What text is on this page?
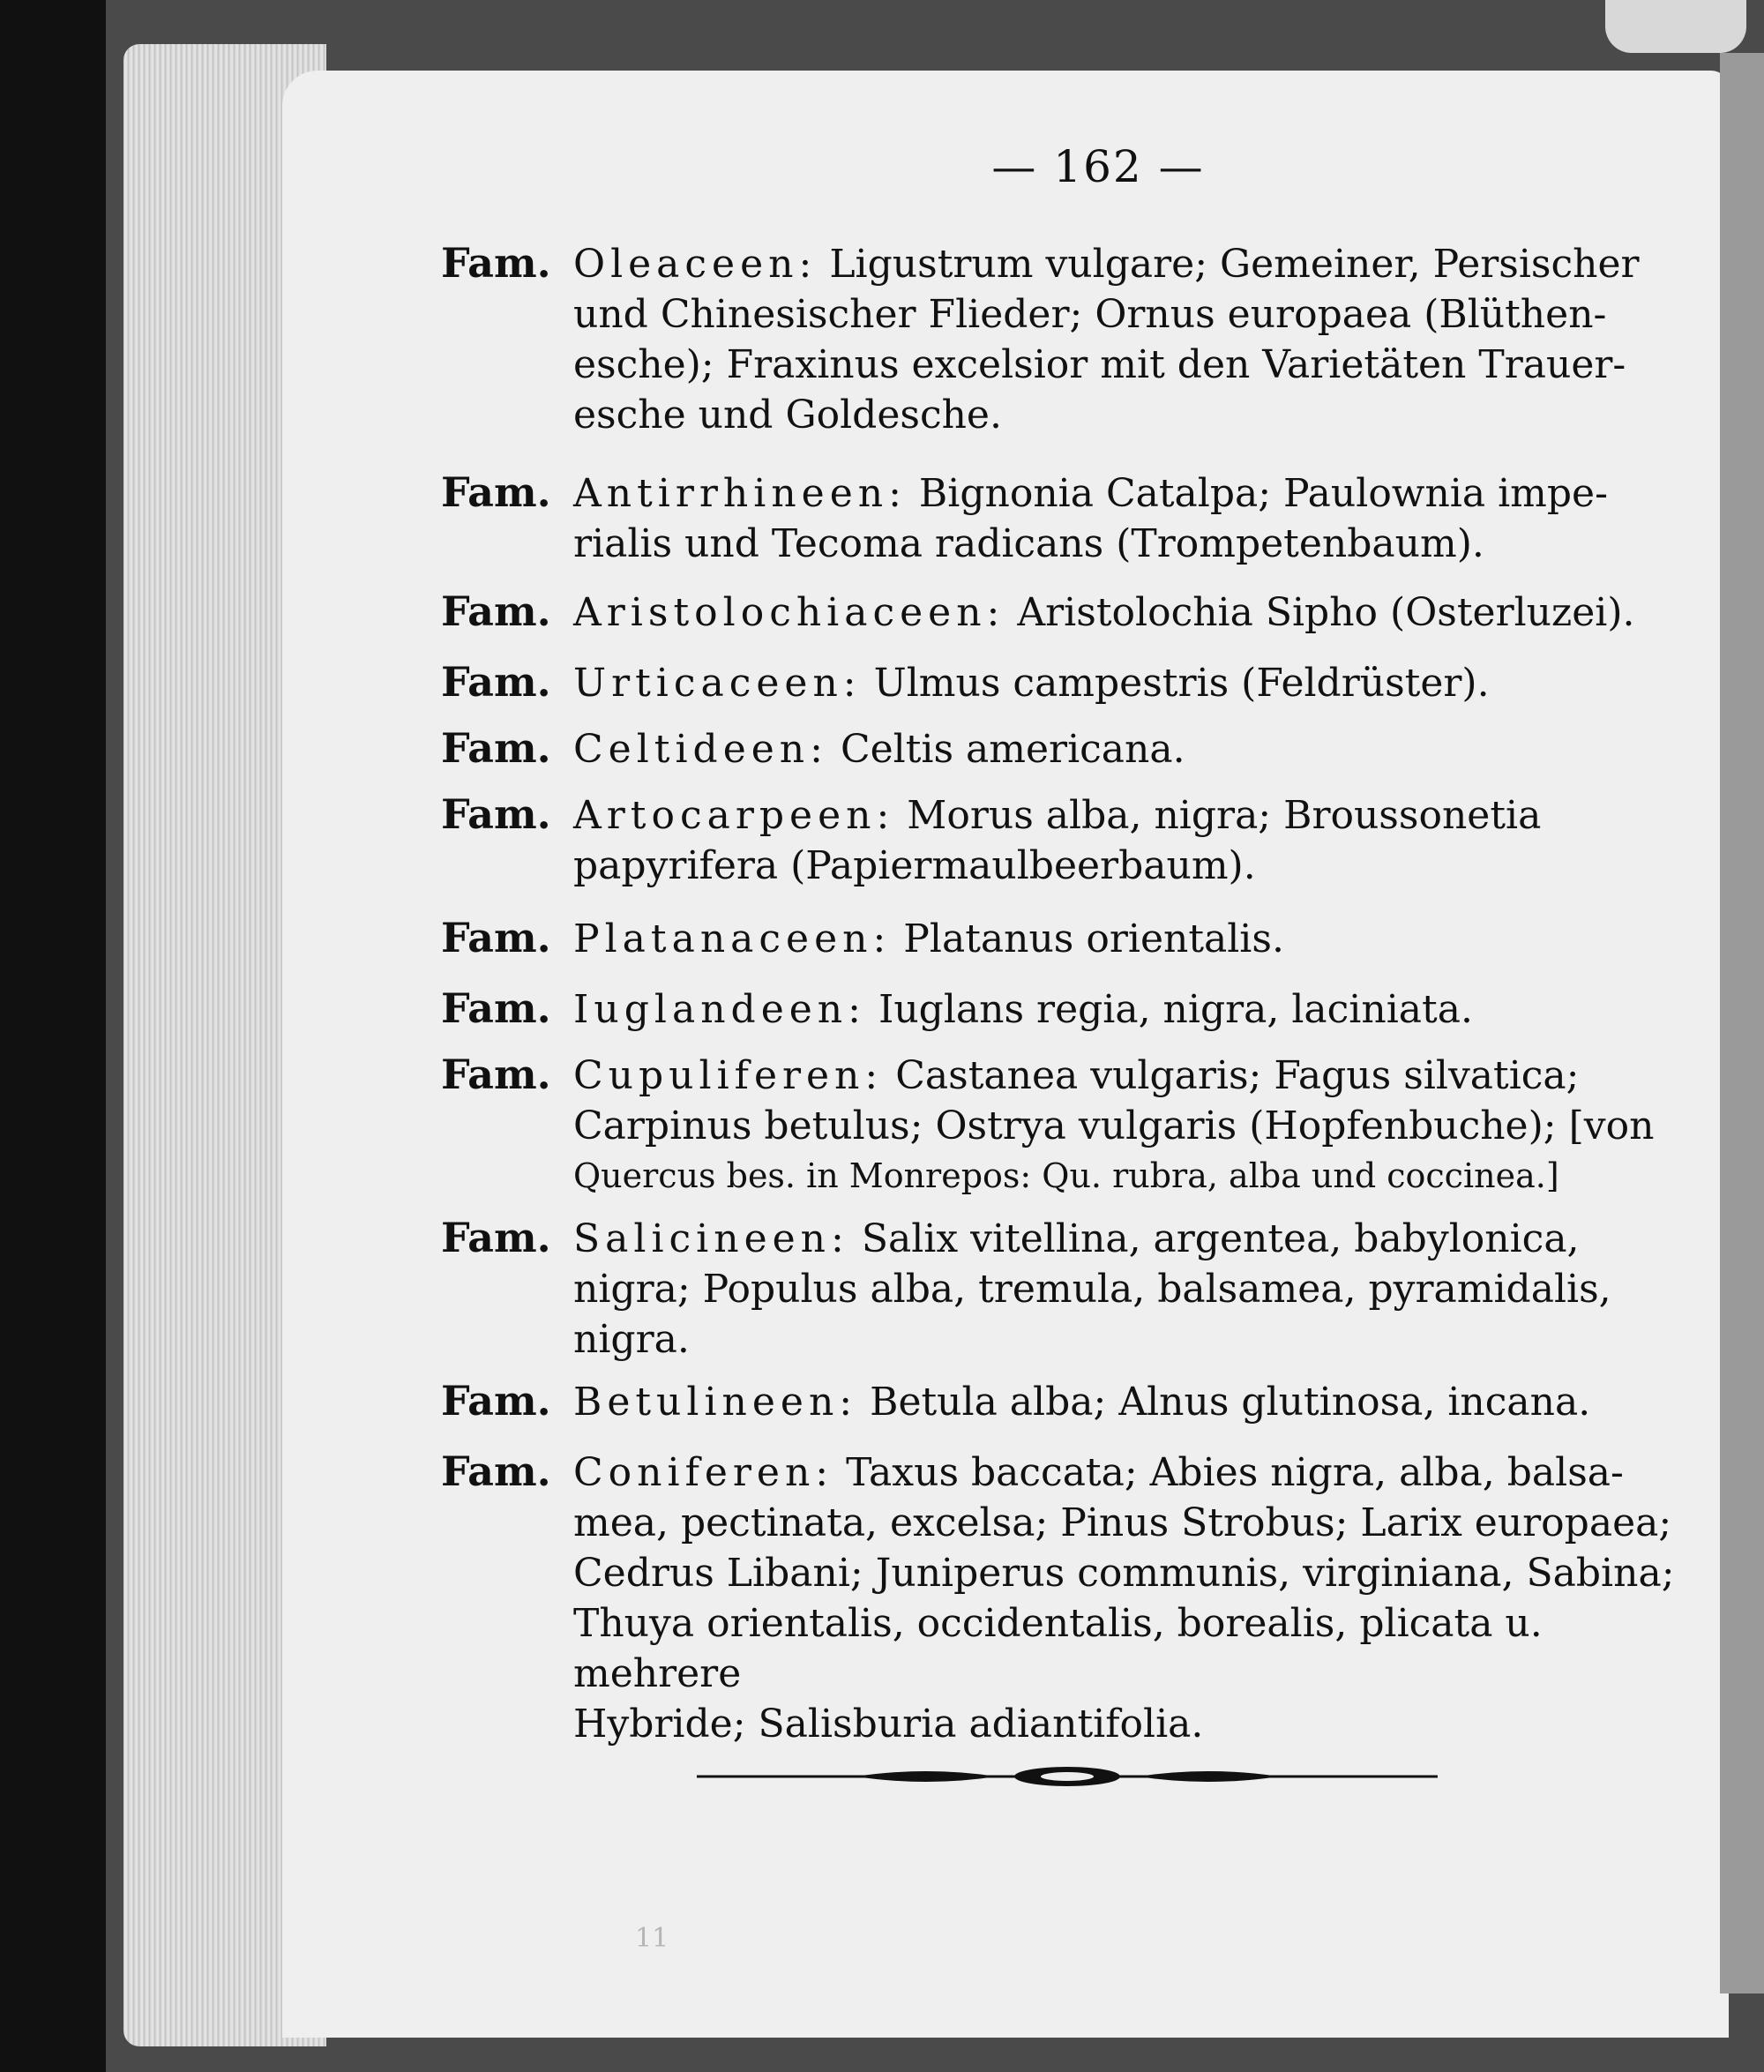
— 162 —
Fam. Oleaceen: Ligustrum vulgare; Gemeiner, Persischer
und Chinesischer Flieder; Ornus europaea (Blüthen-
esche); Fraxinus excelsior mit den Varietäten Trauer-
esche und Goldesche.
Fam. Antirrhineen: Bignonia Catalpa; Paulownia impe-
rialis und Tecoma radicans (Trompetenbaum).
Fam. Aristolochiaceen: Aristolochia Sipho (Osterluzei).
Fam. Urticaceen: Ulmus campestris (Feldrüster).
Fam. Celtideen: Celtis americana.
Fam. Artocarpeen: Morus alba, nigra; Broussonetia
papyrifera (Papiermaulbeerbaum).
Fam. Platanaceen: Platanus orientalis.
Fam. Iuglandeen: Iuglans regia, nigra, laciniata.
Fam. Cupuliferen: Castanea vulgaris; Fagus silvatica;
Carpinus betulus; Ostrya vulgaris (Hopfenbuche); [von
Quercus bes. in Monrepos: Qu. rubra, alba und coccinea.]
Fam. Salicineen: Salix vitellina, argentea, babylonica,
nigra; Populus alba, tremula, balsamea, pyramidalis,
nigra.
Fam. Betulineen: Betula alba; Alnus glutinosa, incana.
Fam. Coniferen: Taxus baccata; Abies nigra, alba, balsa-
mea, pectinata, excelsa; Pinus Strobus; Larix europaea;
Cedrus Libani; Juniperus communis, virginiana, Sabina;
Thuya orientalis, occidentalis, borealis, plicata u. mehrere
Hybride; Salisburia adiantifolia.
11
